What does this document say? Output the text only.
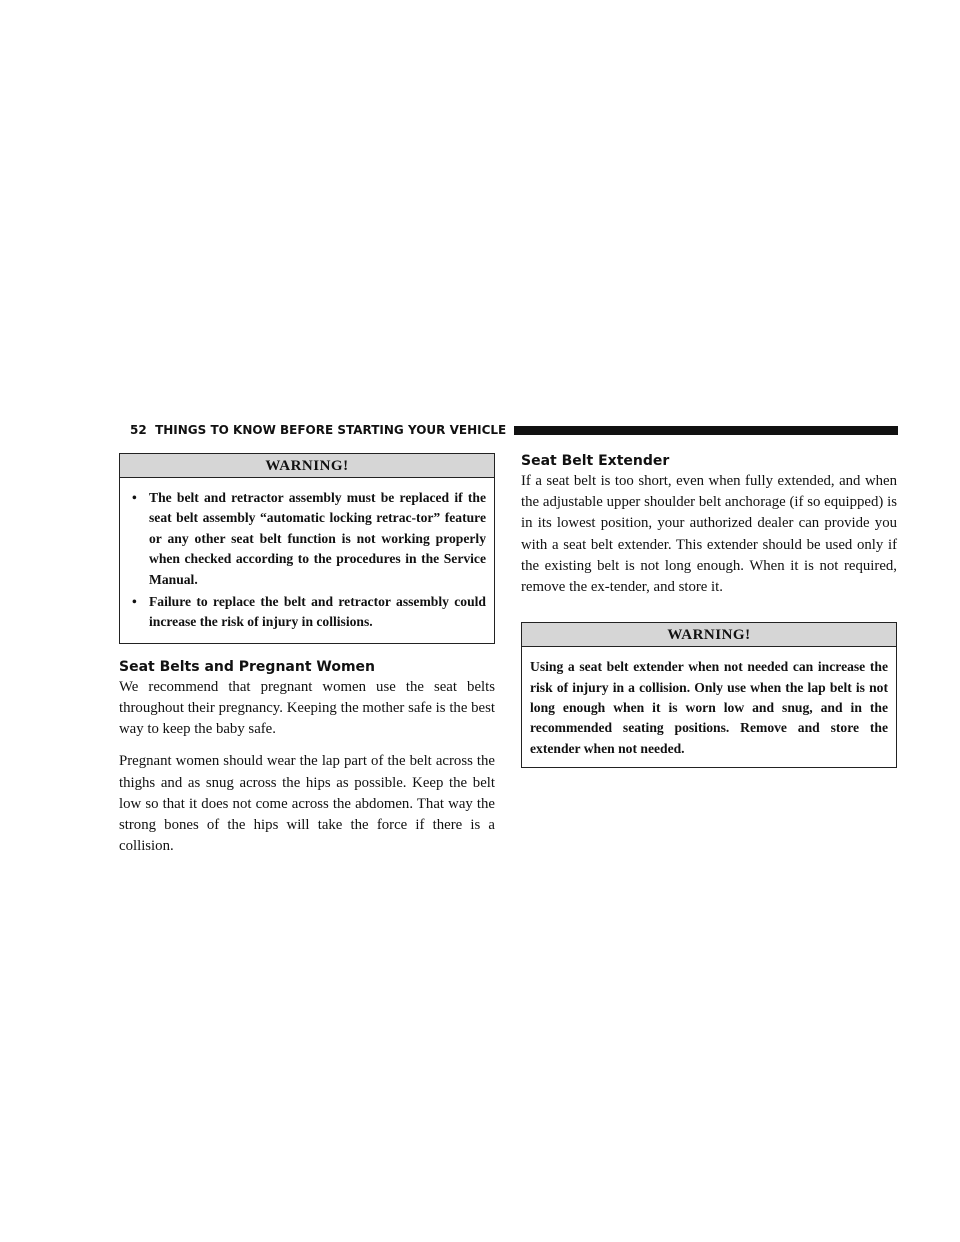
52 THINGS TO KNOW BEFORE STARTING YOUR VEHICLE
WARNING!
• The belt and retractor assembly must be replaced if the seat belt assembly “automatic locking retrac-tor” feature or any other seat belt function is not working properly when checked according to the procedures in the Service Manual.
• Failure to replace the belt and retractor assembly could increase the risk of injury in collisions.
Seat Belts and Pregnant Women

We recommend that pregnant women use the seat belts throughout their pregnancy. Keeping the mother safe is the best way to keep the baby safe.

Pregnant women should wear the lap part of the belt across the thighs and as snug across the hips as possible. Keep the belt low so that it does not come across the abdomen. That way the strong bones of the hips will take the force if there is a collision.

Seat Belt Extender

If a seat belt is too short, even when fully extended, and when the adjustable upper shoulder belt anchorage (if so equipped) is in its lowest position, your authorized dealer can provide you with a seat belt extender. This extender should be used only if the existing belt is not long enough. When it is not required, remove the ex-tender, and store it.

WARNING!

Using a seat belt extender when not needed can increase the risk of injury in a collision. Only use when the lap belt is not long enough when it is worn low and snug, and in the recommended seating positions. Remove and store the extender when not needed.
